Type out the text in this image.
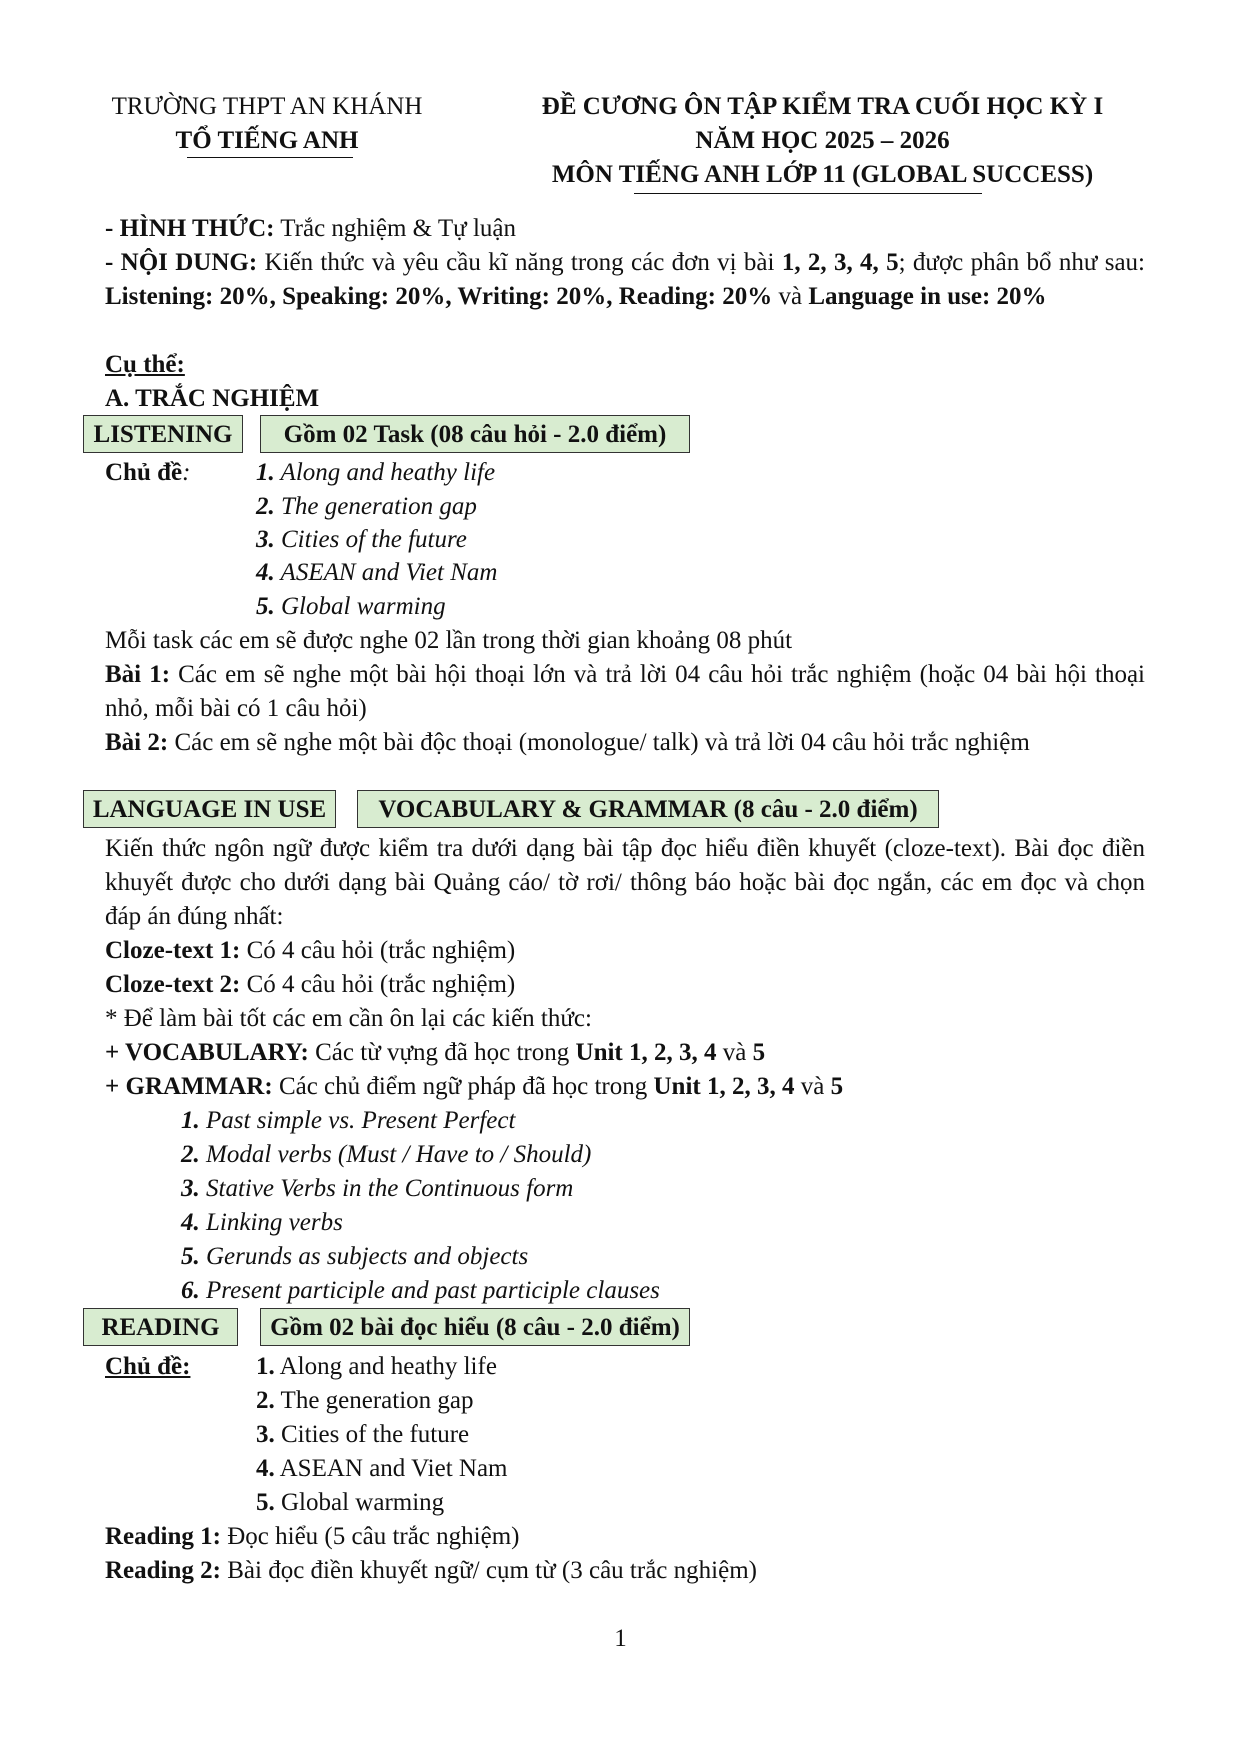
TRƯỜNG THPT AN KHÁNH
TỔ TIẾNG ANH
ĐỀ CƯƠNG ÔN TẬP KIỂM TRA CUỐI HỌC KỲ I
NĂM HỌC 2025 – 2026
MÔN TIẾNG ANH LỚP 11 (GLOBAL SUCCESS)
- HÌNH THỨC: Trắc nghiệm & Tự luận
- NỘI DUNG: Kiến thức và yêu cầu kĩ năng trong các đơn vị bài 1, 2, 3, 4, 5; được phân bổ như sau: Listening: 20%, Speaking: 20%, Writing: 20%, Reading: 20% và Language in use: 20%
Cụ thể:
A. TRẮC NGHIỆM
LISTENING	Gồm 02 Task (08 câu hỏi - 2.0 điểm)
Chủ đề:	1. Along and heathy life
2. The generation gap
3. Cities of the future
4. ASEAN and Viet Nam
5. Global warming
Mỗi task các em sẽ được nghe 02 lần trong thời gian khoảng 08 phút
Bài 1: Các em sẽ nghe một bài hội thoại lớn và trả lời 04 câu hỏi trắc nghiệm (hoặc 04 bài hội thoại nhỏ, mỗi bài có 1 câu hỏi)
Bài 2: Các em sẽ nghe một bài độc thoại (monologue/ talk) và trả lời 04 câu hỏi trắc nghiệm
LANGUAGE IN USE	VOCABULARY & GRAMMAR (8 câu - 2.0 điểm)
Kiến thức ngôn ngữ được kiểm tra dưới dạng bài tập đọc hiểu điền khuyết (cloze-text). Bài đọc điền khuyết được cho dưới dạng bài Quảng cáo/ tờ rơi/ thông báo hoặc bài đọc ngắn, các em đọc và chọn đáp án đúng nhất:
Cloze-text 1: Có 4 câu hỏi (trắc nghiệm)
Cloze-text 2: Có 4 câu hỏi (trắc nghiệm)
* Để làm bài tốt các em cần ôn lại các kiến thức:
+ VOCABULARY: Các từ vựng đã học trong Unit 1, 2, 3, 4 và 5
+ GRAMMAR: Các chủ điểm ngữ pháp đã học trong Unit 1, 2, 3, 4 và 5
1. Past simple vs. Present Perfect
2. Modal verbs (Must / Have to / Should)
3. Stative Verbs in the Continuous form
4. Linking verbs
5. Gerunds as subjects and objects
6. Present participle and past participle clauses
READING	Gồm 02 bài đọc hiểu (8 câu - 2.0 điểm)
Chủ đề:	1. Along and heathy life
2. The generation gap
3. Cities of the future
4. ASEAN and Viet Nam
5. Global warming
Reading 1: Đọc hiểu (5 câu trắc nghiệm)
Reading 2: Bài đọc điền khuyết ngữ/ cụm từ (3 câu trắc nghiệm)
1
